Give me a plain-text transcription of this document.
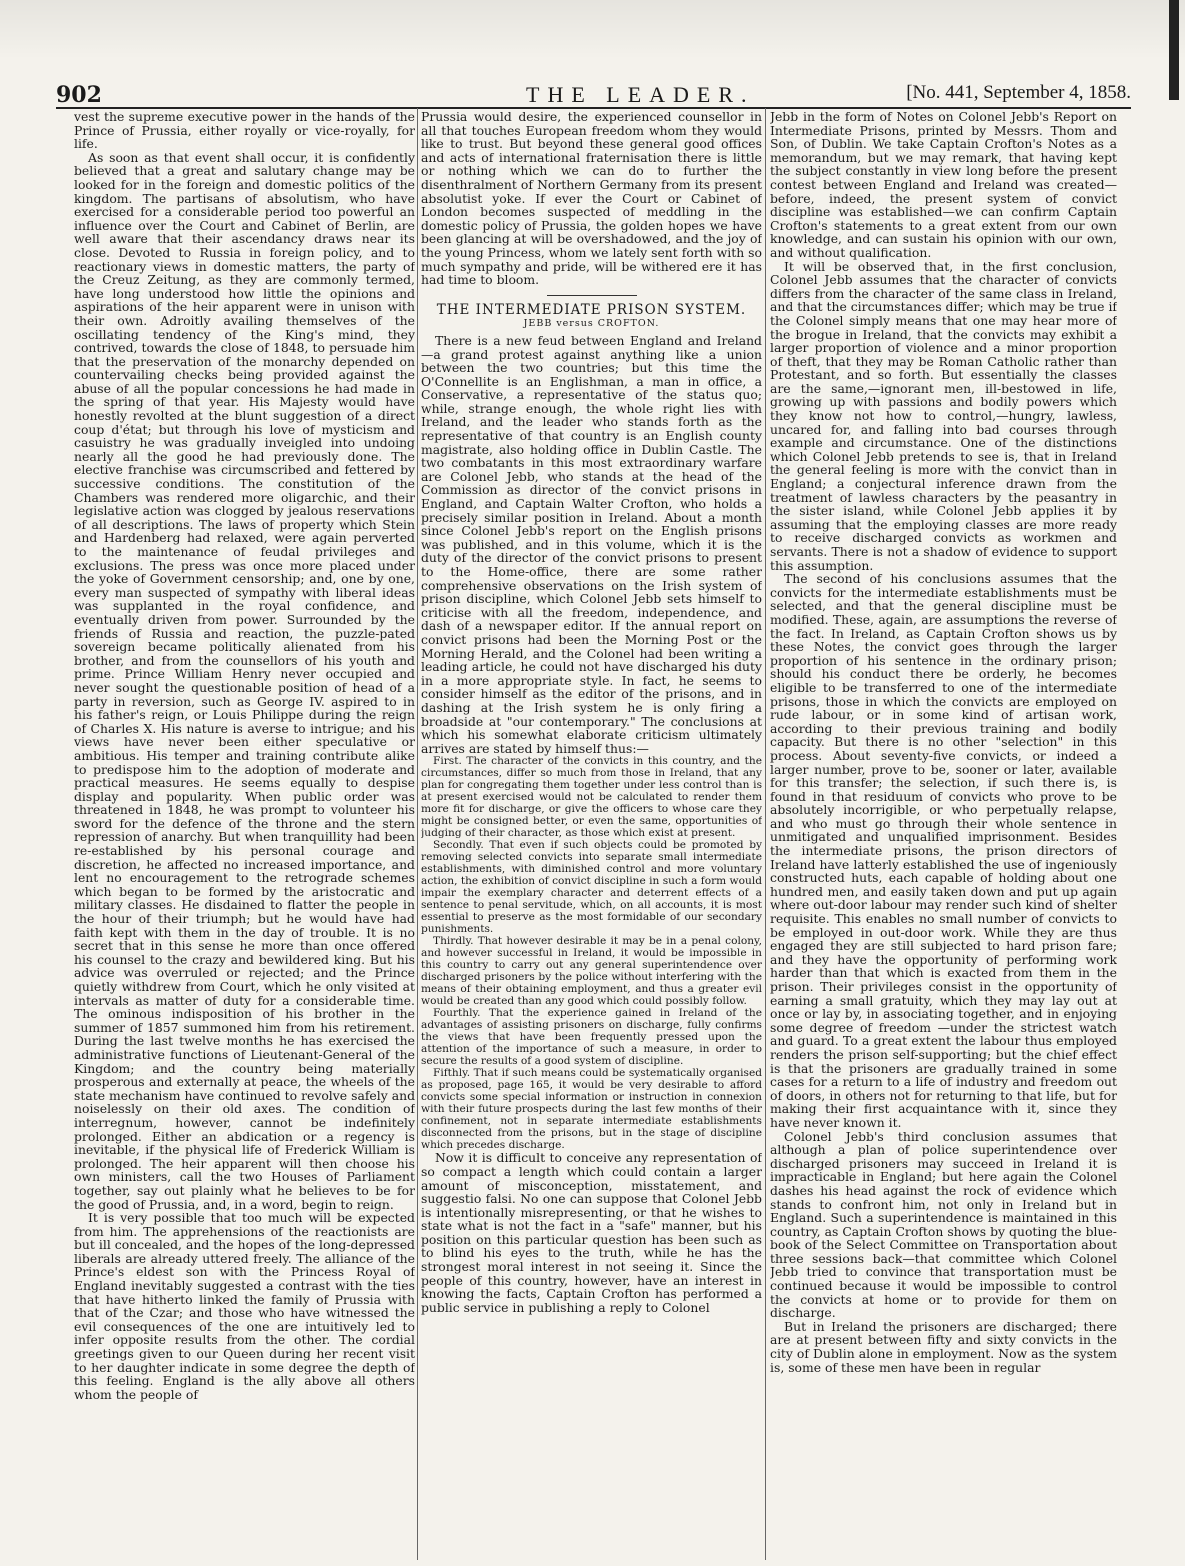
902	THE LEADER.	[No. 441, September 4, 1858.

vest the supreme executive power in the hands of the Prince of Prussia, either royally or vice-royally, for life.

As soon as that event shall occur, it is confidently believed that a great and salutary change may be looked for in the foreign and domestic politics of the kingdom. The partisans of absolutism, who have exercised for a considerable period too powerful an influence over the Court and Cabinet of Berlin, are well aware that their ascendancy draws near its close. Devoted to Russia in foreign policy, and to reactionary views in domestic matters, the party of the Creuz Zeitung, as they are commonly termed, have long understood how little the opinions and aspirations of the heir apparent were in unison with their own. Adroitly availing themselves of the oscillating tendency of the King's mind, they contrived, towards the close of 1848, to persuade him that the preservation of the monarchy depended on countervailing checks being provided against the abuse of all the popular concessions he had made in the spring of that year. His Majesty would have honestly revolted at the blunt suggestion of a direct coup d'état; but through his love of mysticism and casuistry he was gradually inveigled into undoing nearly all the good he had previously done. The elective franchise was circumscribed and fettered by successive conditions. The constitution of the Chambers was rendered more oligarchic, and their legislative action was clogged by jealous reservations of all descriptions. The laws of property which Stein and Hardenberg had relaxed, were again perverted to the maintenance of feudal privileges and exclusions. The press was once more placed under the yoke of Government censorship; and, one by one, every man suspected of sympathy with liberal ideas was supplanted in the royal confidence, and eventually driven from power. Surrounded by the friends of Russia and reaction, the puzzle-pated sovereign became politically alienated from his brother, and from the counsellors of his youth and prime. Prince William Henry never occupied and never sought the questionable position of head of a party in reversion, such as George IV. aspired to in his father's reign, or Louis Philippe during the reign of Charles X. His nature is averse to intrigue; and his views have never been either speculative or ambitious. His temper and training contribute alike to predispose him to the adoption of moderate and practical measures. He seems equally to despise display and popularity. When public order was threatened in 1848, he was prompt to volunteer his sword for the defence of the throne and the stern repression of anarchy. But when tranquillity had been re-established by his personal courage and discretion, he affected no increased importance, and lent no encouragement to the retrograde schemes which began to be formed by the aristocratic and military classes. He disdained to flatter the people in the hour of their triumph; but he would have had faith kept with them in the day of trouble. It is no secret that in this sense he more than once offered his counsel to the crazy and bewildered king. But his advice was overruled or rejected; and the Prince quietly withdrew from Court, which he only visited at intervals as matter of duty for a considerable time. The ominous indisposition of his brother in the summer of 1857 summoned him from his retirement. During the last twelve months he has exercised the administrative functions of Lieutenant-General of the Kingdom; and the country being materially prosperous and externally at peace, the wheels of the state mechanism have continued to revolve safely and noiselessly on their old axes. The condition of interregnum, however, cannot be indefinitely prolonged. Either an abdication or a regency is inevitable, if the physical life of Frederick William is prolonged. The heir apparent will then choose his own ministers, call the two Houses of Parliament together, say out plainly what he believes to be for the good of Prussia, and, in a word, begin to reign.

It is very possible that too much will be expected from him. The apprehensions of the reactionists are but ill concealed, and the hopes of the long-depressed liberals are already uttered freely. The alliance of the Prince's eldest son with the Princess Royal of England inevitably suggested a contrast with the ties that have hitherto linked the family of Prussia with that of the Czar; and those who have witnessed the evil consequences of the one are intuitively led to infer opposite results from the other. The cordial greetings given to our Queen during her recent visit to her daughter indicate in some degree the depth of this feeling. England is the ally above all others whom the people of

Prussia would desire, the experienced counsellor in all that touches European freedom whom they would like to trust. But beyond these general good offices and acts of international fraternisation there is little or nothing which we can do to further the disenthralment of Northern Germany from its present absolutist yoke. If ever the Court or Cabinet of London becomes suspected of meddling in the domestic policy of Prussia, the golden hopes we have been glancing at will be overshadowed, and the joy of the young Princess, whom we lately sent forth with so much sympathy and pride, will be withered ere it has had time to bloom.

THE INTERMEDIATE PRISON SYSTEM.
JEBB versus CROFTON.

There is a new feud between England and Ireland —a grand protest against anything like a union between the two countries; but this time the O'Connellite is an Englishman, a man in office, a Conservative, a representative of the status quo; while, strange enough, the whole right lies with Ireland, and the leader who stands forth as the representative of that country is an English county magistrate, also holding office in Dublin Castle. The two combatants in this most extraordinary warfare are Colonel Jebb, who stands at the head of the Commission as director of the convict prisons in England, and Captain Walter Crofton, who holds a precisely similar position in Ireland. About a month since Colonel Jebb's report on the English prisons was published, and in this volume, which it is the duty of the director of the convict prisons to present to the Home-office, there are some rather comprehensive observations on the Irish system of prison discipline, which Colonel Jebb sets himself to criticise with all the freedom, independence, and dash of a newspaper editor. If the annual report on convict prisons had been the Morning Post or the Morning Herald, and the Colonel had been writing a leading article, he could not have discharged his duty in a more appropriate style. In fact, he seems to consider himself as the editor of the prisons, and in dashing at the Irish system he is only firing a broadside at "our contemporary." The conclusions at which his somewhat elaborate criticism ultimately arrives are stated by himself thus:—

First. The character of the convicts in this country, and the circumstances, differ so much from those in Ireland, that any plan for congregating them together under less control than is at present exercised would not be calculated to render them more fit for discharge, or give the officers to whose care they might be consigned better, or even the same, opportunities of judging of their character, as those which exist at present.

Secondly. That even if such objects could be promoted by removing selected convicts into separate small intermediate establishments, with diminished control and more voluntary action, the exhibition of convict discipline in such a form would impair the exemplary character and deterrent effects of a sentence to penal servitude, which, on all accounts, it is most essential to preserve as the most formidable of our secondary punishments.

Thirdly. That however desirable it may be in a penal colony, and however successful in Ireland, it would be impossible in this country to carry out any general superintendence over discharged prisoners by the police without interfering with the means of their obtaining employment, and thus a greater evil would be created than any good which could possibly follow.

Fourthly. That the experience gained in Ireland of the advantages of assisting prisoners on discharge, fully confirms the views that have been frequently pressed upon the attention of the importance of such a measure, in order to secure the results of a good system of discipline.

Fifthly. That if such means could be systematically organised as proposed, page 165, it would be very desirable to afford convicts some special information or instruction in connexion with their future prospects during the last few months of their confinement, not in separate intermediate establishments disconnected from the prisons, but in the stage of discipline which precedes discharge.

Now it is difficult to conceive any representation of so compact a length which could contain a larger amount of misconception, misstatement, and suggestio falsi. No one can suppose that Colonel Jebb is intentionally misrepresenting, or that he wishes to state what is not the fact in a "safe" manner, but his position on this particular question has been such as to blind his eyes to the truth, while he has the strongest moral interest in not seeing it. Since the people of this country, however, have an interest in knowing the facts, Captain Crofton has performed a public service in publishing a reply to Colonel

Jebb in the form of Notes on Colonel Jebb's Report on Intermediate Prisons, printed by Messrs. Thom and Son, of Dublin. We take Captain Crofton's Notes as a memorandum, but we may remark, that having kept the subject constantly in view long before the present contest between England and Ireland was created—before, indeed, the present system of convict discipline was established—we can confirm Captain Crofton's statements to a great extent from our own knowledge, and can sustain his opinion with our own, and without qualification.

It will be observed that, in the first conclusion, Colonel Jebb assumes that the character of convicts differs from the character of the same class in Ireland, and that the circumstances differ; which may be true if the Colonel simply means that one may hear more of the brogue in Ireland, that the convicts may exhibit a larger proportion of violence and a minor proportion of theft, that they may be Roman Catholic rather than Protestant, and so forth. But essentially the classes are the same,—ignorant men, ill-bestowed in life, growing up with passions and bodily powers which they know not how to control,—hungry, lawless, uncared for, and falling into bad courses through example and circumstance. One of the distinctions which Colonel Jebb pretends to see is, that in Ireland the general feeling is more with the convict than in England; a conjectural inference drawn from the treatment of lawless characters by the peasantry in the sister island, while Colonel Jebb applies it by assuming that the employing classes are more ready to receive discharged convicts as workmen and servants. There is not a shadow of evidence to support this assumption.

The second of his conclusions assumes that the convicts for the intermediate establishments must be selected, and that the general discipline must be modified. These, again, are assumptions the reverse of the fact. In Ireland, as Captain Crofton shows us by these Notes, the convict goes through the larger proportion of his sentence in the ordinary prison; should his conduct there be orderly, he becomes eligible to be transferred to one of the intermediate prisons, those in which the convicts are employed on rude labour, or in some kind of artisan work, according to their previous training and bodily capacity. But there is no other "selection" in this process. About seventy-five convicts, or indeed a larger number, prove to be, sooner or later, available for this transfer; the selection, if such there is, is found in that residuum of convicts who prove to be absolutely incorrigible, or who perpetually relapse, and who must go through their whole sentence in unmitigated and unqualified imprisonment. Besides the intermediate prisons, the prison directors of Ireland have latterly established the use of ingeniously constructed huts, each capable of holding about one hundred men, and easily taken down and put up again where out-door labour may render such kind of shelter requisite. This enables no small number of convicts to be employed in out-door work. While they are thus engaged they are still subjected to hard prison fare; and they have the opportunity of performing work harder than that which is exacted from them in the prison. Their privileges consist in the opportunity of earning a small gratuity, which they may lay out at once or lay by, in associating together, and in enjoying some degree of freedom —under the strictest watch and guard. To a great extent the labour thus employed renders the prison self-supporting; but the chief effect is that the prisoners are gradually trained in some cases for a return to a life of industry and freedom out of doors, in others not for returning to that life, but for making their first acquaintance with it, since they have never known it.

Colonel Jebb's third conclusion assumes that although a plan of police superintendence over discharged prisoners may succeed in Ireland it is impracticable in England; but here again the Colonel dashes his head against the rock of evidence which stands to confront him, not only in Ireland but in England. Such a superintendence is maintained in this country, as Captain Crofton shows by quoting the blue-book of the Select Committee on Transportation about three sessions back—that committee which Colonel Jebb tried to convince that transportation must be continued because it would be impossible to control the convicts at home or to provide for them on discharge.

But in Ireland the prisoners are discharged; there are at present between fifty and sixty convicts in the city of Dublin alone in employment. Now as the system is, some of these men have been in regular
